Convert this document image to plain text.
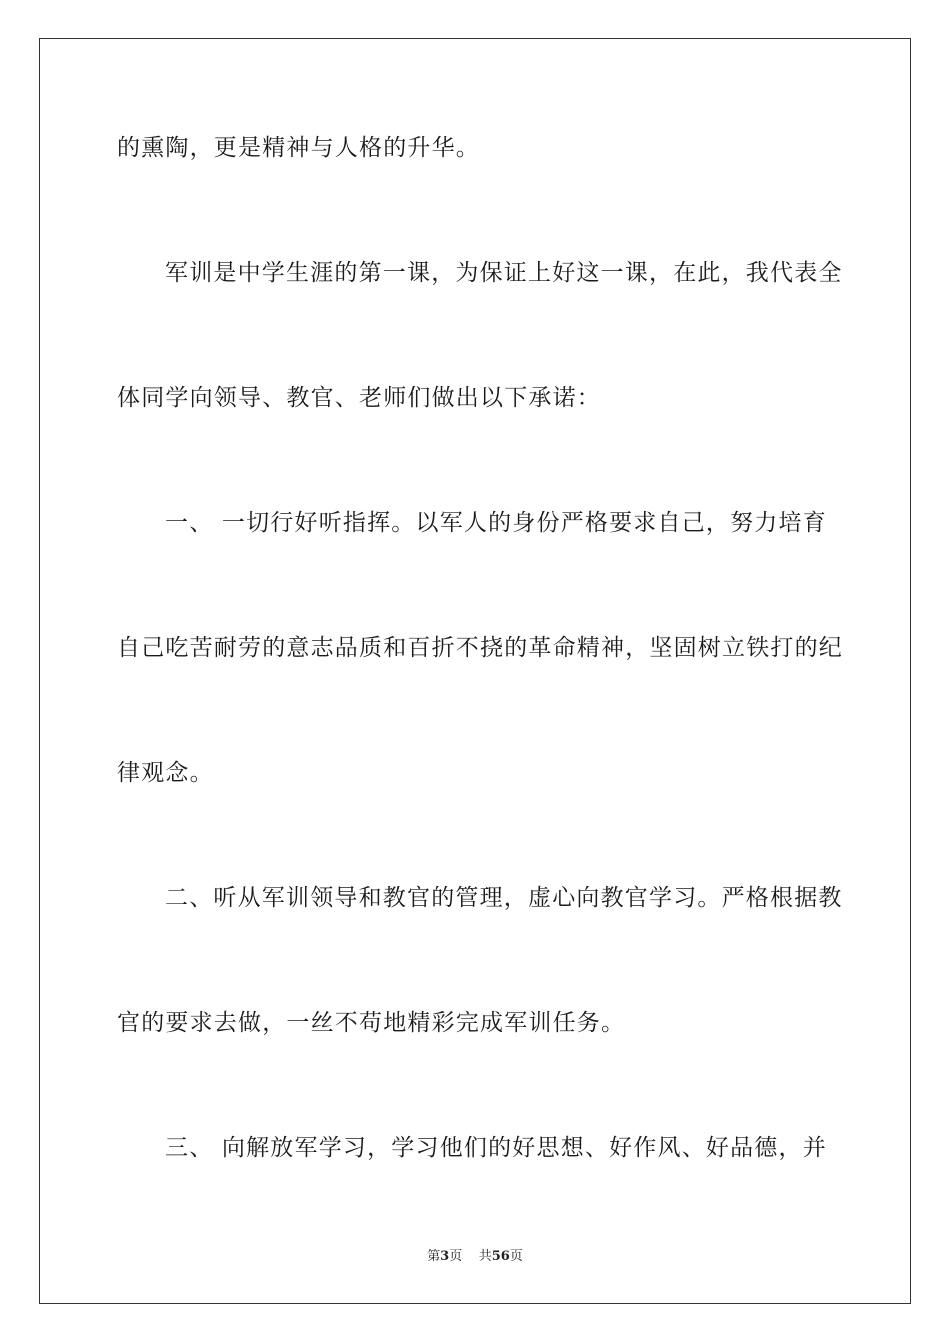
的熏陶，更是精神与人格的升华。
军训是中学生涯的第一课，为保证上好这一课，在此，我代表全
体同学向领导、教官、老师们做出以下承诺：
一、 一切行好听指挥。以军人的身份严格要求自己，努力培育
自己吃苦耐劳的意志品质和百折不挠的革命精神，坚固树立铁打的纪
律观念。
二、听从军训领导和教官的管理，虚心向教官学习。严格根据教
官的要求去做，一丝不苟地精彩完成军训任务。
三、 向解放军学习，学习他们的好思想、好作风、好品德，并
第3页 共56页
